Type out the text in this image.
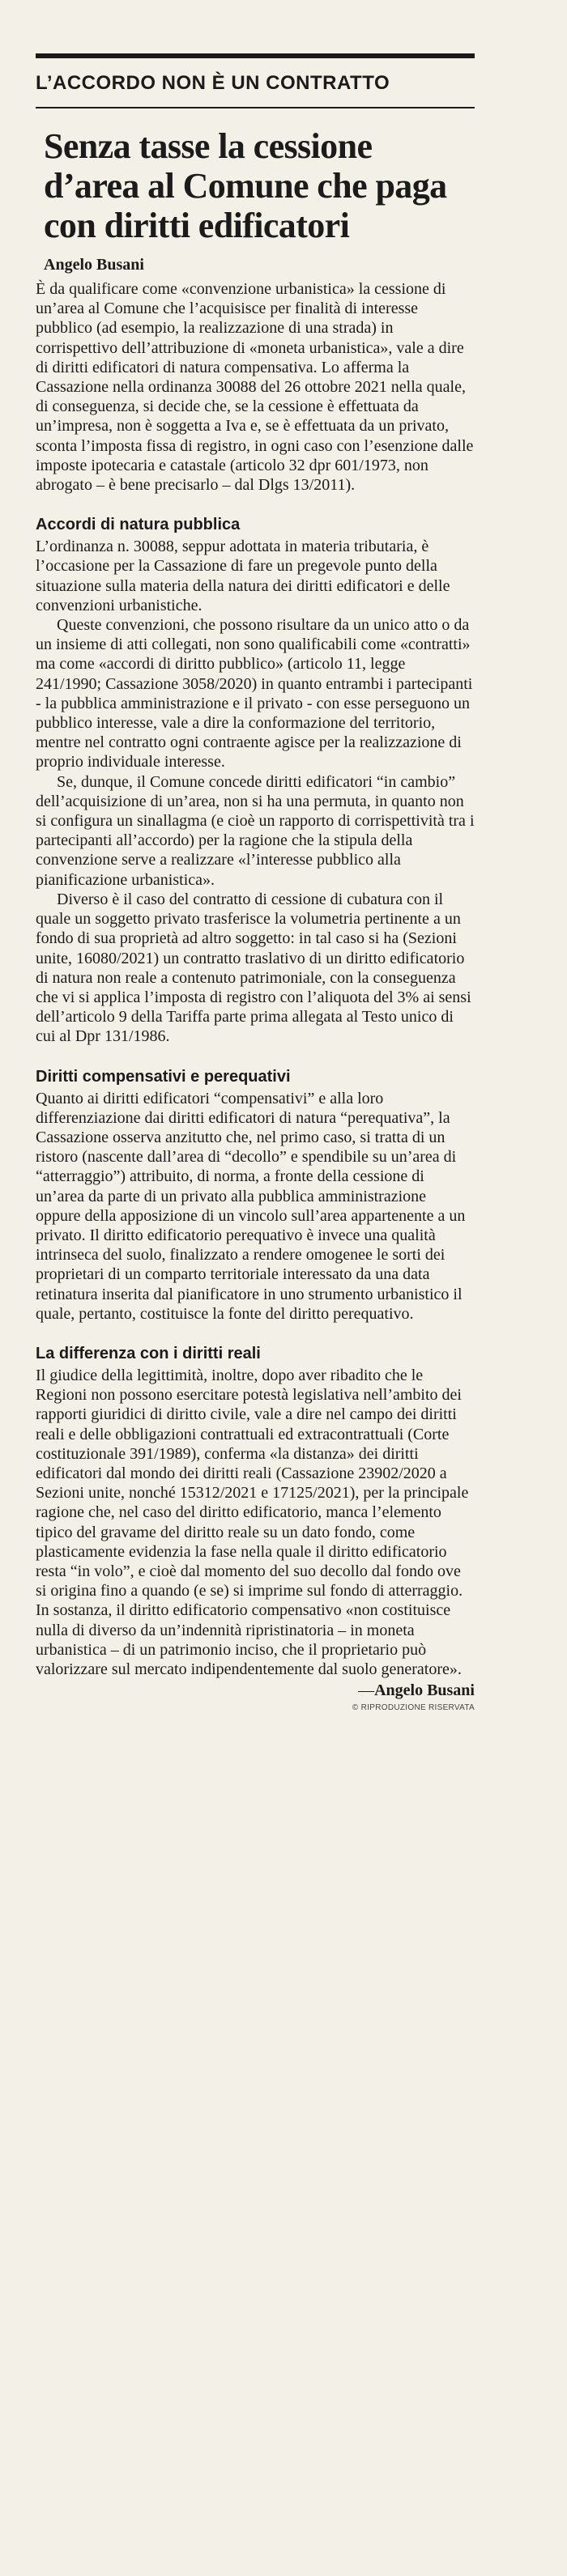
L’ACCORDO NON È UN CONTRATTO
Senza tasse la cessione d’area al Comune che paga con diritti edificatori
Angelo Busani

È da qualificare come «convenzione urbanistica» la cessione di un’area al Comune che l’acquisisce per finalità di interesse pubblico (ad esempio, la realizzazione di una strada) in corrispettivo dell’attribuzione di «moneta urbanistica», vale a dire di diritti edificatori di natura compensativa. Lo afferma la Cassazione nella ordinanza 30088 del 26 ottobre 2021 nella quale, di conseguenza, si decide che, se la cessione è effettuata da un’impresa, non è soggetta a Iva e, se è effettuata da un privato, sconta l’imposta fissa di registro, in ogni caso con l’esenzione dalle imposte ipotecaria e catastale (articolo 32 dpr 601/1973, non abrogato – è bene precisarlo – dal Dlgs 13/2011).

Accordi di natura pubblica

L’ordinanza n. 30088, seppur adottata in materia tributaria, è l’occasione per la Cassazione di fare un pregevole punto della situazione sulla materia della natura dei diritti edificatori e delle convenzioni urbanistiche.

Queste convenzioni, che possono risultare da un unico atto o da un insieme di atti collegati, non sono qualificabili come «contratti» ma come «accordi di diritto pubblico» (articolo 11, legge 241/1990; Cassazione 3058/2020) in quanto entrambi i partecipanti - la pubblica amministrazione e il privato - con esse perseguono un pubblico interesse, vale a dire la conformazione del territorio, mentre nel contratto ogni contraente agisce per la realizzazione di proprio individuale interesse.

Se, dunque, il Comune concede diritti edificatori “in cambio” dell’acquisizione di un’area, non si ha una permuta, in quanto non si configura un sinallagma (e cioè un rapporto di corrispettività tra i partecipanti all’accordo) per la ragione che la stipula della convenzione serve a realizzare «l’interesse pubblico alla pianificazione urbanistica».

Diverso è il caso del contratto di cessione di cubatura con il quale un soggetto privato trasferisce la volumetria pertinente a un fondo di sua proprietà ad altro soggetto: in tal caso si ha (Sezioni unite, 16080/2021) un contratto traslativo di un diritto edificatorio di natura non reale a contenuto patrimoniale, con la conseguenza che vi si applica l’imposta di registro con l’aliquota del 3% ai sensi dell’articolo 9 della Tariffa parte prima allegata al Testo unico di cui al Dpr 131/1986.

Diritti compensativi e perequativi

Quanto ai diritti edificatori “compensativi” e alla loro differenziazione dai diritti edificatori di natura “perequativa”, la Cassazione osserva anzitutto che, nel primo caso, si tratta di un ristoro (nascente dall’area di “decollo” e spendibile su un’area di “atterraggio”) attribuito, di norma, a fronte della cessione di un’area da parte di un privato alla pubblica amministrazione oppure della apposizione di un vincolo sull’area appartenente a un privato. Il diritto edificatorio perequativo è invece una qualità intrinseca del suolo, finalizzato a rendere omogenee le sorti dei proprietari di un comparto territoriale interessato da una data retinatura inserita dal pianificatore in uno strumento urbanistico il quale, pertanto, costituisce la fonte del diritto perequativo.

La differenza con i diritti reali

Il giudice della legittimità, inoltre, dopo aver ribadito che le Regioni non possono esercitare potestà legislativa nell’ambito dei rapporti giuridici di diritto civile, vale a dire nel campo dei diritti reali e delle obbligazioni contrattuali ed extracontrattuali (Corte costituzionale 391/1989), conferma «la distanza» dei diritti edificatori dal mondo dei diritti reali (Cassazione 23902/2020 a Sezioni unite, nonché 15312/2021 e 17125/2021), per la principale ragione che, nel caso del diritto edificatorio, manca l’elemento tipico del gravame del diritto reale su un dato fondo, come plasticamente evidenzia la fase nella quale il diritto edificatorio resta “in volo”, e cioè dal momento del suo decollo dal fondo ove si origina fino a quando (e se) si imprime sul fondo di atterraggio. In sostanza, il diritto edificatorio compensativo «non costituisce nulla di diverso da un’indennità ripristinatoria – in moneta urbanistica – di un patrimonio inciso, che il proprietario può valorizzare sul mercato indipendentemente dal suolo generatore».

—Angelo Busani
© RIPRODUZIONE RISERVATA
